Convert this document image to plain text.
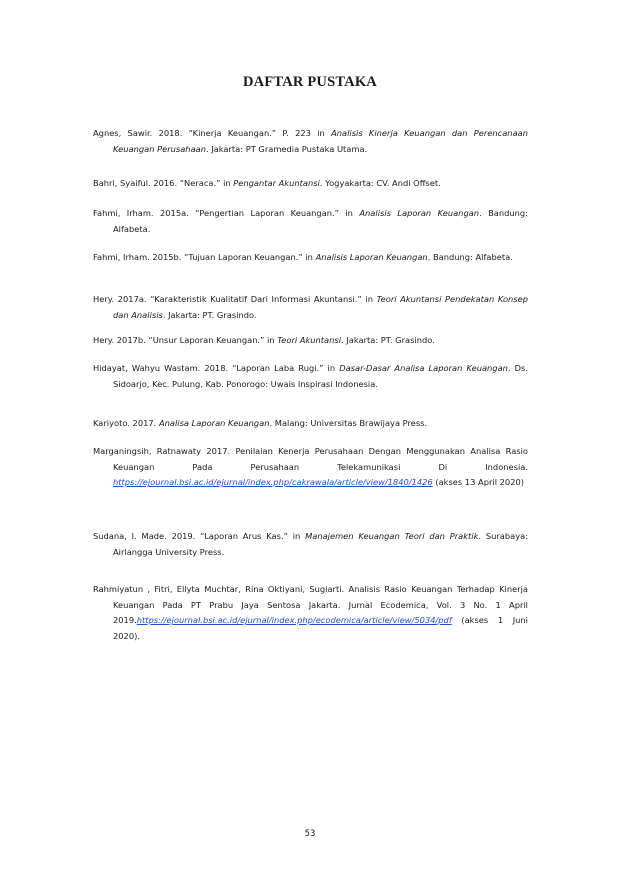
DAFTAR PUSTAKA

Agnes, Sawir. 2018. “Kinerja Keuangan.” P. 223 in Analisis Kinerja Keuangan dan Perencanaan Keuangan Perusahaan. Jakarta: PT Gramedia Pustaka Utama.

Bahri, Syaiful. 2016. “Neraca.” in Pengantar Akuntansi. Yogyakarta: CV. Andi Offset.

Fahmi, Irham. 2015a. “Pengertian Laporan Keuangan.” in Analisis Laporan Keuangan. Bandung: Alfabeta.

Fahmi, Irham. 2015b. “Tujuan Laporan Keuangan.” in Analisis Laporan Keuangan. Bandung: Alfabeta.

Hery. 2017a. “Karakteristik Kualitatif Dari Informasi Akuntansi.” in Teori Akuntansi Pendekatan Konsep dan Analisis. Jakarta: PT. Grasindo.

Hery. 2017b. “Unsur Laporan Keuangan.” in Teori Akuntansi. Jakarta: PT. Grasindo.

Hidayat, Wahyu Wastam. 2018. “Laporan Laba Rugi.” in Dasar-Dasar Analisa Laporan Keuangan. Ds. Sidoarjo, Kec. Pulung, Kab. Ponorogo: Uwais Inspirasi Indonesia.

Kariyoto. 2017. Analisa Laporan Keuangan. Malang: Universitas Brawijaya Press.

Marganingsih, Ratnawaty 2017. Penilaian Kenerja Perusahaan Dengan Menggunakan Analisa Rasio Keuangan Pada Perusahaan Telekamunikasi Di Indonesia. https://ejournal.bsi.ac.id/ejurnal/index.php/cakrawala/article/view/1840/1426 (akses 13 April 2020)

Sudana, I. Made. 2019. “Laporan Arus Kas.” in Manajemen Keuangan Teori dan Praktik. Surabaya: Airlangga University Press.

Rahmiyatun , Fitri, Ellyta Muchtar, Rina Oktiyani, Sugiarti. Analisis Rasio Keuangan Terhadap Kinerja Keuangan Pada PT Prabu Jaya Sentosa Jakarta. Jurnal Ecodemica, Vol. 3 No. 1 April 2019.https://ejournal.bsi.ac.id/ejurnal/index.php/ecodemica/article/view/5034/pdf (akses 1 Juni 2020).

53
